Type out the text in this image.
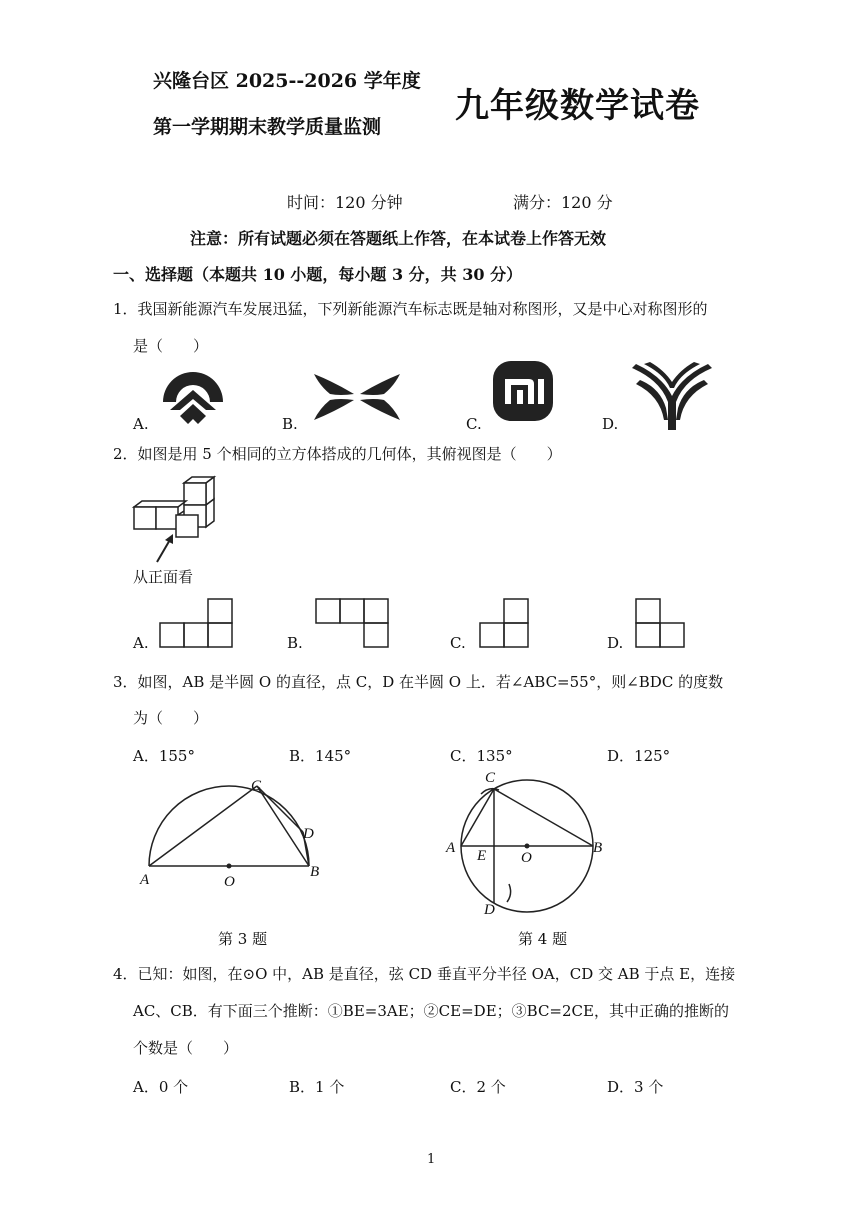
兴隆台区 2025--2026 学年度
第一学期期末教学质量监测
九年级数学试卷
时间：120 分钟	满分：120 分
注意：所有试题必须在答题纸上作答，在本试卷上作答无效
一、选择题（本题共 10 小题，每小题 3 分，共 30 分）
1．我国新能源汽车发展迅猛，下列新能源汽车标志既是轴对称图形，又是中心对称图形的
是（　　）
A.	B.	C.	mi	D.
2．如图是用 5 个相同的立方体搭成的几何体，其俯视图是（　　）
从正面看
A.	B.	C.	D.
3．如图，AB 是半圆 O 的直径，点 C，D 在半圆 O 上．若∠ABC=55°，则∠BDC 的度数
为（　　）
A．155°	B．145°	C．135°	D．125°
A	O
B
C
D
第 3 题
A E O
B
C
D
第 4 题
4．已知：如图，在⊙O 中，AB 是直径，弦 CD 垂直平分半径 OA，CD 交 AB 于点 E，连接
AC、CB．有下面三个推断：①BE=3AE；②CE=DE；③BC=2CE，其中正确的推断的
个数是（　　）
A．0 个	B．1 个	C．2 个	D．3 个
1
